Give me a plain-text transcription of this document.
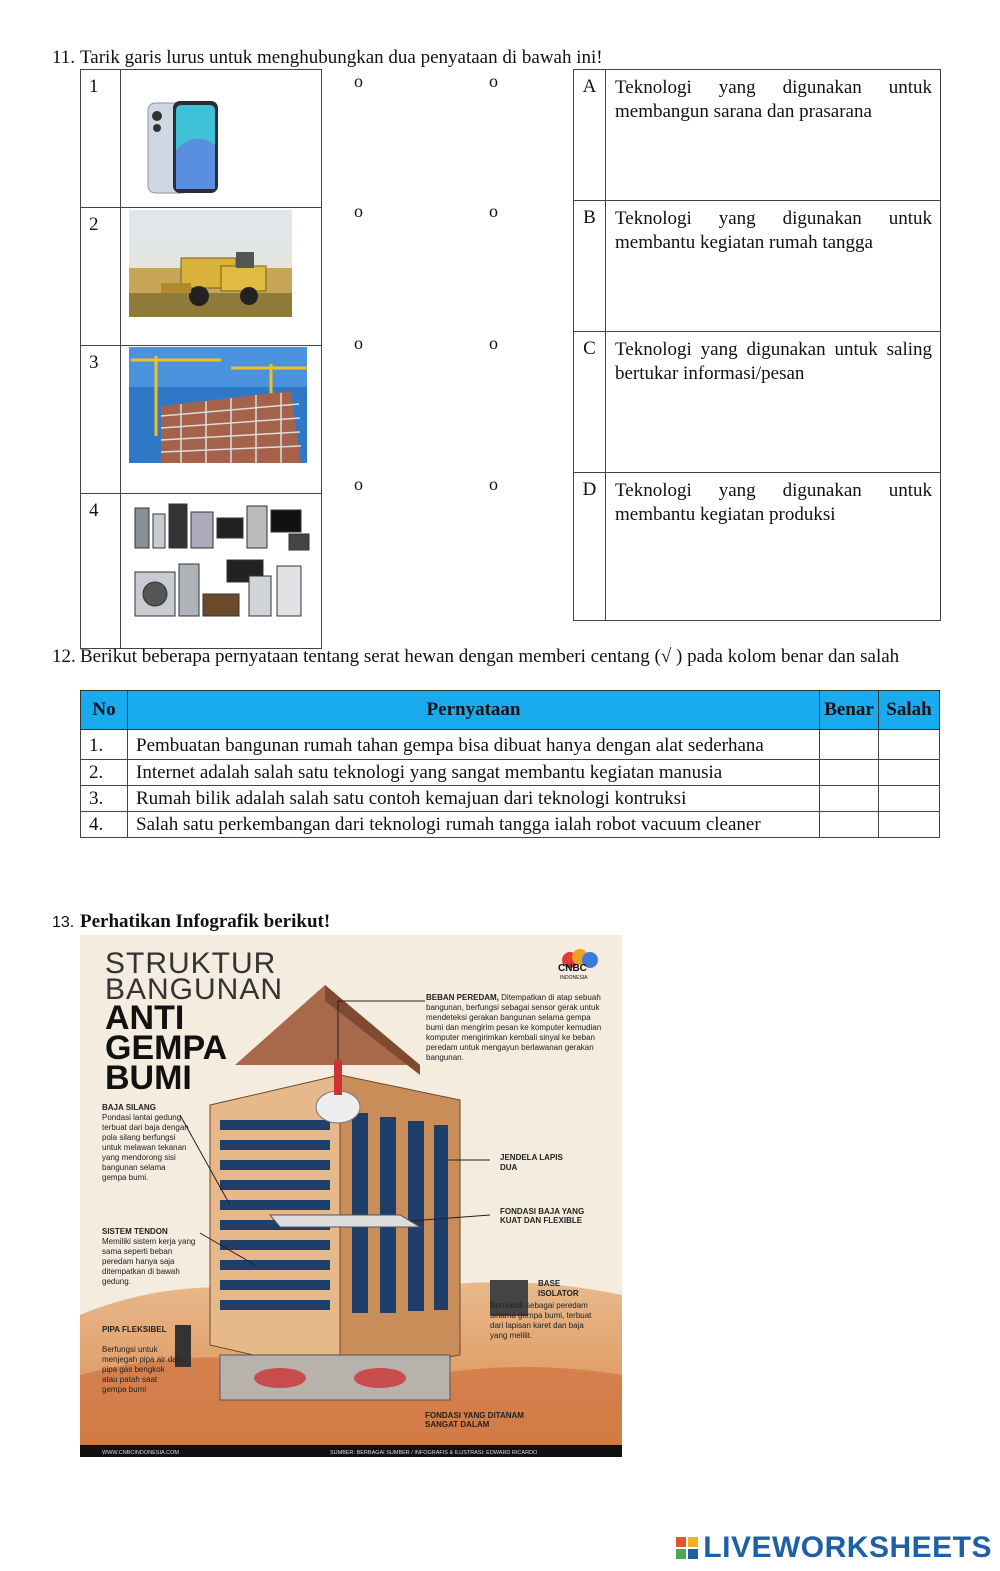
11. Tarik garis lurus untuk menghubungkan dua penyataan di bawah ini!
1	
2	
3	
4	
o	o
o	o
o	o
o	o
A	Teknologi yang digunakan untuk membangun sarana dan prasarana
B	Teknologi yang digunakan untuk membantu kegiatan rumah tangga
C	Teknologi yang digunakan untuk saling bertukar informasi/pesan
D	Teknologi yang digunakan untuk membantu kegiatan produksi
12. Berikut beberapa pernyataan tentang serat hewan dengan memberi centang (√ ) pada kolom benar dan salah
No	Pernyataan	Benar	Salah
1.	Pembuatan bangunan rumah tahan gempa bisa dibuat hanya dengan alat sederhana		
2.	Internet adalah salah satu teknologi yang sangat membantu kegiatan manusia		
3.	Rumah bilik adalah salah satu contoh kemajuan dari teknologi kontruksi		
4.	Salah satu perkembangan dari teknologi rumah tangga ialah robot vacuum cleaner		
13. Perhatikan Infografik berikut!
STRUKTUR
BANGUNAN
ANTI
GEMPA
BUMI
CNBC
INDONESIA
BEBAN PEREDAM, Ditempatkan di atap sebuah bangunan, berfungsi sebagai sensor gerak untuk mendeteksi gerakan bangunan selama gempa bumi dan mengirim pesan ke komputer kemudian komputer mengirimkan kembali sinyal ke beban peredam untuk mengayun berlawanan gerakan bangunan.
BAJA SILANG
Pondasi lantai gedung terbuat dari baja dengan pola silang berfungsi untuk melawan tekanan yang mendorong sisi bangunan selama gempa bumi.
SISTEM TENDON
Memiliki sistem kerja yang sama seperti beban peredam hanya saja ditempatkan di bawah gedung.
PIPA FLEKSIBEL

Berfungsi untuk menjegah pipa air dan pipa gas bengkok atau patah saat gempa bumi
JENDELA LAPIS DUA
FONDASI BAJA YANG KUAT DAN FLEXIBLE
BASE ISOLATOR
Bertindak sebagai peredam selama gempa bumi, terbuat dari lapisan karet dan baja yang melilit.
FONDASI YANG DITANAM SANGAT DALAM
WWW.CNBCINDONESIA.COM	SUMBER: BERBAGAI SUMBER / INFOGRAFIS & ILUSTRASI: EDWARD RICARDO
LIVEWORKSHEETS
